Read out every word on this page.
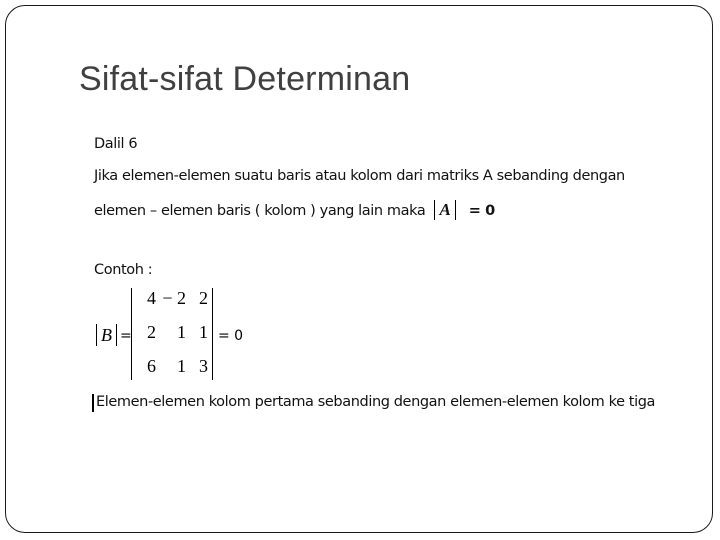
Sifat-sifat Determinan
Dalil 6
Jika elemen-elemen suatu baris atau kolom dari matriks A sebanding dengan
elemen – elemen baris ( kolom ) yang lain maka A = 0
Contoh :
B =
4 − 2 2
2	1 1
6	1 3
= 0
Elemen-elemen kolom pertama sebanding dengan elemen-elemen kolom ke tiga
